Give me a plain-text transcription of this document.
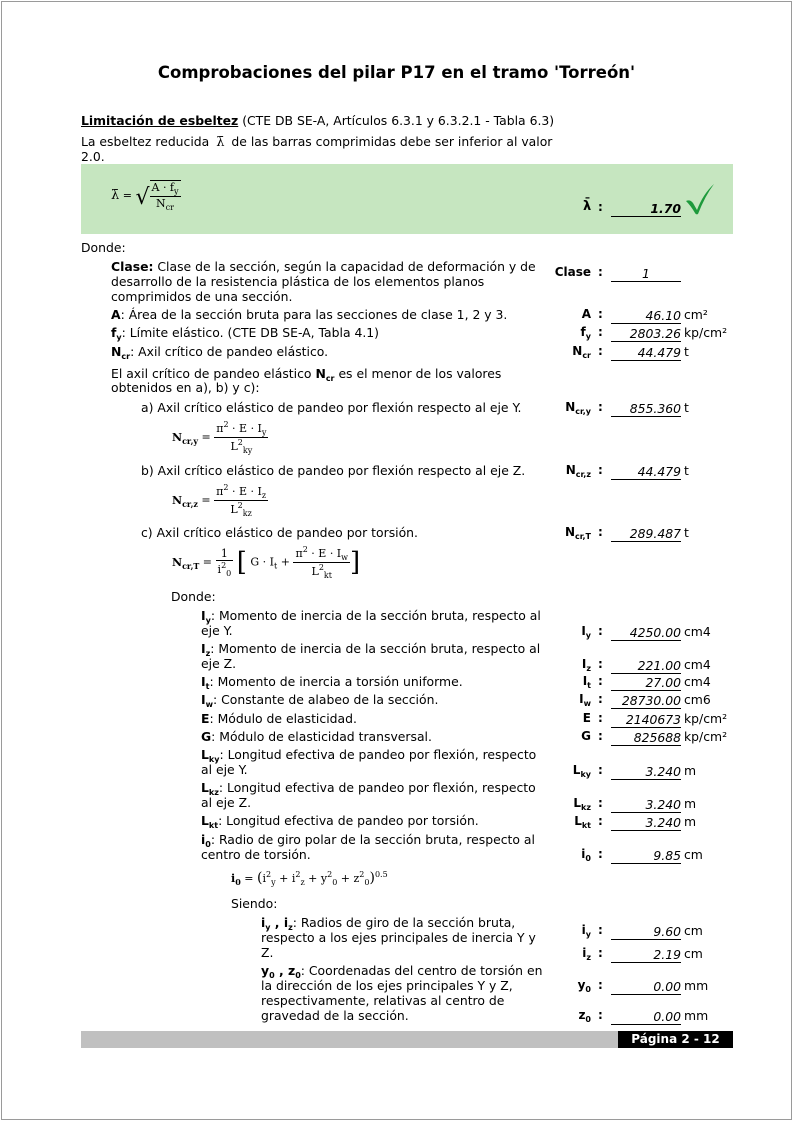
Comprobaciones del pilar P17 en el tramo 'Torreón'
Limitación de esbeltez (CTE DB SE-A, Artículos 6.3.1 y 6.3.2.1 - Tabla 6.3)
La esbeltez reducida λ̄ de las barras comprimidas debe ser inferior al valor
2.0.
λ̄ = √ $\frac{A \cdot f_y}{N_{cr}}$	λ̄ :	1.70
Donde:
Clase: Clase de la sección, según la capacidad de deformación y de
desarrollo de la resistencia plástica de los elementos planos
comprimidos de una sección.
Clase :	1
A: Área de la sección bruta para las secciones de clase 1, 2 y 3.	A :	46.10 cm²
$f_y$: Límite elástico. (CTE DB SE-A, Tabla 4.1)	$f_y$ :	2803.26 kp/cm²
$N_{cr}$: Axil crítico de pandeo elástico.	$N_{cr}$ :	44.479 t
El axil crítico de pandeo elástico $N_{cr}$ es el menor de los valores
obtenidos en a), b) y c):
a) Axil crítico elástico de pandeo por flexión respecto al eje Y.	$N_{cr,y}$ :	855.360 t
$N_{cr,y} = \frac{\pi^2 \cdot E \cdot I_y}{L^2_{ky}}$
b) Axil crítico elástico de pandeo por flexión respecto al eje Z.	$N_{cr,z}$ :	44.479 t
$N_{cr,z} = \frac{\pi^2 \cdot E \cdot I_z}{L^2_{kz}}$
c) Axil crítico elástico de pandeo por torsión.	$N_{cr,T}$ :	289.487 t
$N_{cr,T} = \frac{1}{i^2_0}$ [ $G \cdot I_t + \frac{\pi^2 \cdot E \cdot I_w}{L^2_{kt}}$ ]
Donde:
$I_y$: Momento de inercia de la sección bruta, respecto al
eje Y.	$I_y$ :	4250.00 cm4
$I_z$: Momento de inercia de la sección bruta, respecto al
eje Z.	$I_z$ :	221.00 cm4
$I_t$: Momento de inercia a torsión uniforme.	$I_t$ :	27.00 cm4
$I_w$: Constante de alabeo de la sección.	$I_w$ :	28730.00 cm6
E: Módulo de elasticidad.	E :	2140673 kp/cm²
G: Módulo de elasticidad transversal.	G :	825688 kp/cm²
$L_{ky}$: Longitud efectiva de pandeo por flexión, respecto
al eje Y.	$L_{ky}$ :	3.240 m
$L_{kz}$: Longitud efectiva de pandeo por flexión, respecto
al eje Z.	$L_{kz}$ :	3.240 m
$L_{kt}$: Longitud efectiva de pandeo por torsión.	$L_{kt}$ :	3.240 m
$i_0$: Radio de giro polar de la sección bruta, respecto al
centro de torsión.	$i_0$ :	9.85 cm
$i_0 = (i^2_y + i^2_z + y^2_0 + z^2_0)^{0.5}$
Siendo:
$i_y$ , $i_z$: Radios de giro de la sección bruta,
respecto a los ejes principales de inercia Y y
Z.
$i_y$ :	9.60 cm
$i_z$ :	2.19 cm
$y_0$ , $z_0$: Coordenadas del centro de torsión en
la dirección de los ejes principales Y y Z,
respectivamente, relativas al centro de
gravedad de la sección.
$y_0$ :	0.00 mm
$z_0$ :	0.00 mm
Página 2 - 12
